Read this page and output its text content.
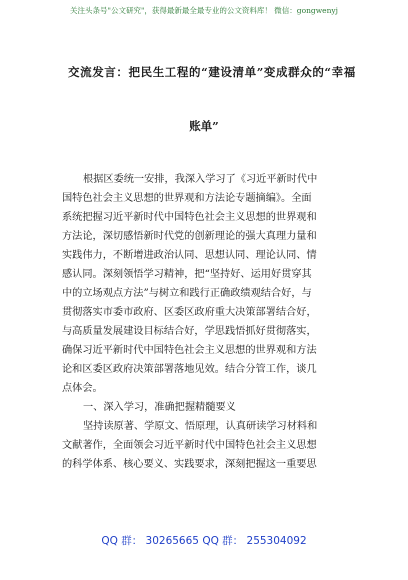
关注头条号"公文研究"，获得最新最全最专业的公文资料库！ 微信：gongwenyj
交流发言：把民生工程的“建设清单”变成群众的“幸福
账单”
根据区委统一安排，我深入学习了《习近平新时代中
国特色社会主义思想的世界观和方法论专题摘编》。全面
系统把握习近平新时代中国特色社会主义思想的世界观和
方法论，深切感悟新时代党的创新理论的强大真理力量和
实践伟力，不断增进政治认同、思想认同、理论认同、情
感认同。深刻领悟学习精神，把“坚持好、运用好贯穿其
中的立场观点方法”与树立和践行正确政绩观结合好，与
贯彻落实市委市政府、区委区政府重大决策部署结合好，
与高质量发展建设目标结合好，学思践悟抓好贯彻落实，
确保习近平新时代中国特色社会主义思想的世界观和方法
论和区委区政府决策部署落地见效。结合分管工作，谈几
点体会。
一、深入学习，准确把握精髓要义
坚持读原著、学原文、悟原理，认真研读学习材料和
文献著作，全面领会习近平新时代中国特色社会主义思想
的科学体系、核心要义、实践要求，深刻把握这一重要思
QQ 群： 30265665 QQ 群： 255304092
